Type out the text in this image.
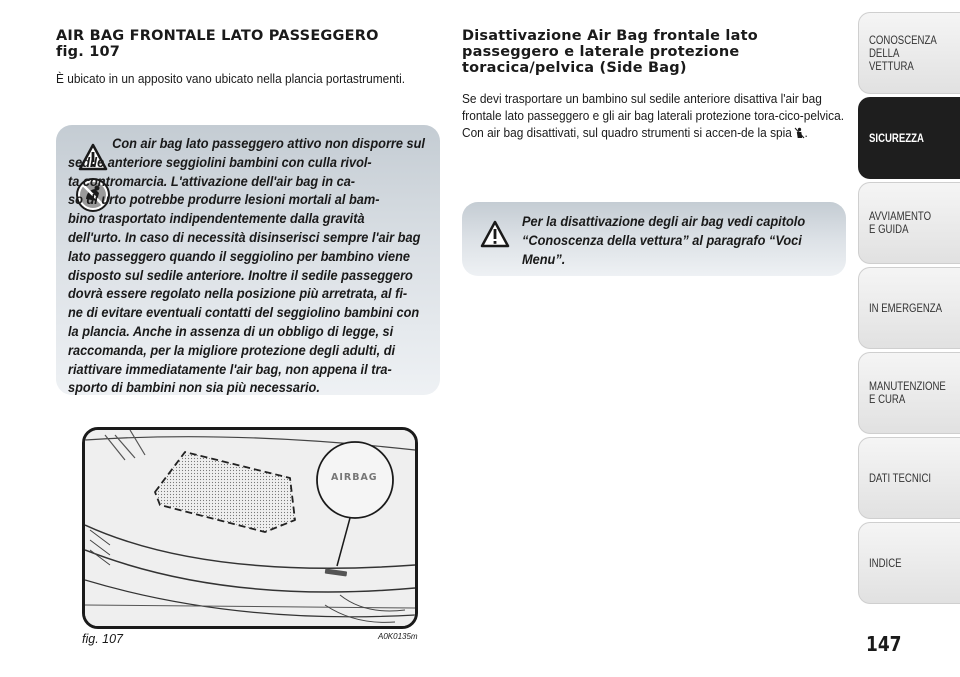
AIR BAG FRONTALE LATO PASSEGGERO
fig. 107

È ubicato in un apposito vano ubicato nella plancia portastrumenti.

Con air bag lato passeggero attivo non disporre sul
sedile anteriore seggiolini bambini con culla rivol-
ta contromarcia. L'attivazione dell'air bag in ca-
so di urto potrebbe produrre lesioni mortali al bam-
bino trasportato indipendentemente dalla gravità
dell'urto. In caso di necessità disinserisci sempre l'air bag
lato passeggero quando il seggiolino per bambino viene
disposto sul sedile anteriore. Inoltre il sedile passeggero
dovrà essere regolato nella posizione più arretrata, al fi-
ne di evitare eventuali contatti del seggiolino bambini con
la plancia. Anche in assenza di un obbligo di legge, si
raccomanda, per la migliore protezione degli adulti, di
riattivare immediatamente l'air bag, non appena il tra-
sporto di bambini non sia più necessario.

AIRBAG

fig. 107	A0K0135m

Disattivazione Air Bag frontale lato
passeggero e laterale protezione
toracica/pelvica (Side Bag)

Se devi trasportare un bambino sul sedile anteriore disattiva l'air bag frontale lato passeggero e gli air bag laterali protezione tora-cico-pelvica. Con air bag disattivati, sul quadro strumenti si accen-de la spia .

Per la disattivazione degli air bag vedi capitolo
“Conoscenza della vettura” al paragrafo “Voci
Menu”.

147

CONOSCENZA
DELLA
VETTURA
SICUREZZA
AVVIAMENTO
E GUIDA
IN EMERGENZA
MANUTENZIONE
E CURA
DATI TECNICI
INDICE
